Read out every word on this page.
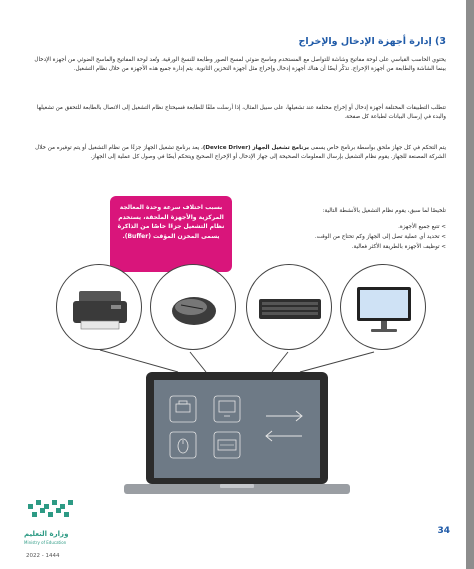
3) إدارة أجهزة الإدخال والإخراج
يحتوي الحاسب القياسي على لوحة مفاتيح وشاشة للتواصل مع المستخدم وماسح ضوئي لمسح الصور وطابعة للنسخ الورقية. وتُعد لوحة المفاتيح والماسح الضوئي من أجهزة الإدخال بينما الشاشة والطابعة من أجهزة الإخراج. تذكّر أيضًا أن هناك أجهزة إدخال وإخراج مثل أجهزة التخزين الثانوية. يتم إدارة جميع هذه الأجهزة من خلال نظام التشغيل.
تتطلب التطبيقات المختلفة أجهزة إدخال أو إخراج مختلفة عند تشغيلها، على سبيل المثال، إذا أرسلت ملفًا للطابعة فسيحتاج نظام التشغيل إلى الاتصال بالطابعة للتحقق من تشغيلها والبدء في إرسال البيانات لطباعة كل صفحة.
يتم التحكم في كل جهاز ملحق بواسطة برنامج خاص يسمى برنامج تشغيل الجهاز (Device Driver)، يعد برنامج تشغيل الجهاز جزءًا من نظام التشغيل أو يتم توفيره من خلال الشركة المصنعة للجهاز. يقوم نظام التشغيل بإرسال المعلومات الصحيحة إلى جهاز الإدخال أو الإخراج الصحيح ويتحكم أيضًا في وصول كل عملية إلى الجهاز.
بسبب اختلاف سرعة وحدة المعالجة المركزية والأجهزة الملحقة، يستخدم نظام التشغيل جزءًا خاصًا من الذاكرة يسمى المخزن المؤقت (Buffer).
تلخيصًا لما سبق، يقوم نظام التشغيل بالأنشطة التالية:
> تتبع جميع الأجهزة.
> تحديد أي عملية تصل إلى الجهاز وكم تحتاج من الوقت.
> توظيف الأجهزة بالطريقة الأكثر فعالية.
وزارة التعليم
Ministry of Education
2022 - 1444
34
